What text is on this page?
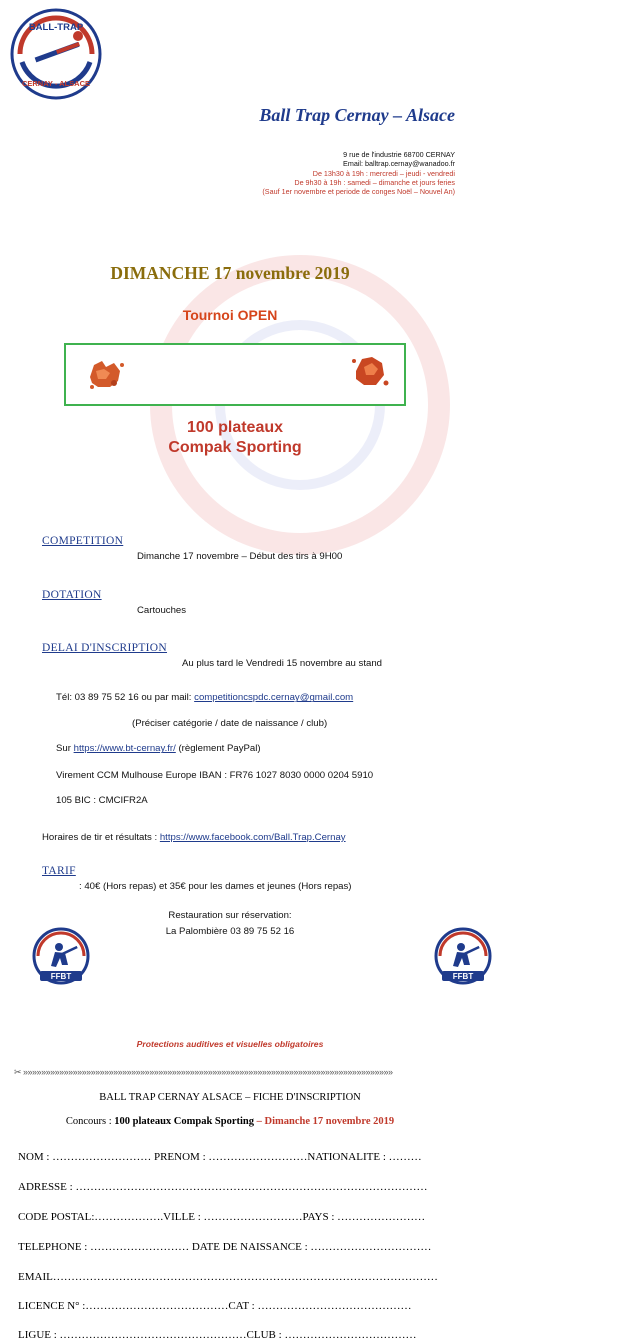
BALL-TRAP
CERNAY - ALSACE
Ball Trap Cernay – Alsace
9 rue de l'industrie 68700 CERNAY
Email: balltrap.cernay@wanadoo.fr
De 13h30 à 19h : mercredi – jeudi - vendredi
De 9h30 à 19h : samedi – dimanche et jours feries
(Sauf 1er novembre et periode de conges Noël – Nouvel An)
DIMANCHE 17 novembre 2019
Tournoi OPEN
100 plateaux
Compak Sporting
COMPETITION
Dimanche 17 novembre – Début des tirs à 9H00
DOTATION
Cartouches
DELAI D'INSCRIPTION
Au plus tard le Vendredi 15 novembre au stand
Tél: 03 89 75 52 16 ou par mail: competitioncspdc.cernay@gmail.com
(Préciser catégorie / date de naissance / club)
Sur https://www.bt-cernay.fr/ (règlement PayPal)
Virement CCM Mulhouse Europe IBAN : FR76 1027 8030 0000 0204 5910
105 BIC : CMCIFR2A
Horaires de tir et résultats : https://www.facebook.com/Ball.Trap.Cernay
TARIF
: 40€ (Hors repas) et 35€ pour les dames et jeunes (Hors repas)
Restauration sur réservation:
La Palombière 03 89 75 52 16
FFBT
	FFBT
Protections auditives et visuelles obligatoires
✂ »»»»»»»»»»»»»»»»»»»»»»»»»»»»»»»»»»»»»»»»»»»»»»»»»»»»»»»»»»»»»»»»»»»»»»»»»»»»»»»»»»
BALL TRAP CERNAY ALSACE – FICHE D'INSCRIPTION
Concours : 100 plateaux Compak Sporting – Dimanche 17 novembre 2019
NOM : ……………………… PRENOM : ………………………NATIONALITE : ………
ADRESSE : ……………………………………………………………………………………
CODE POSTAL:……………….VILLE : ………………………PAYS : ……………………
TELEPHONE : ……………………… DATE DE NAISSANCE : ……………………………
EMAIL……………………………………………………………………………………………
LICENCE N° :…………………………………CAT : ……………………………………
LIGUE : ……………………………………………CLUB : ………………………………
